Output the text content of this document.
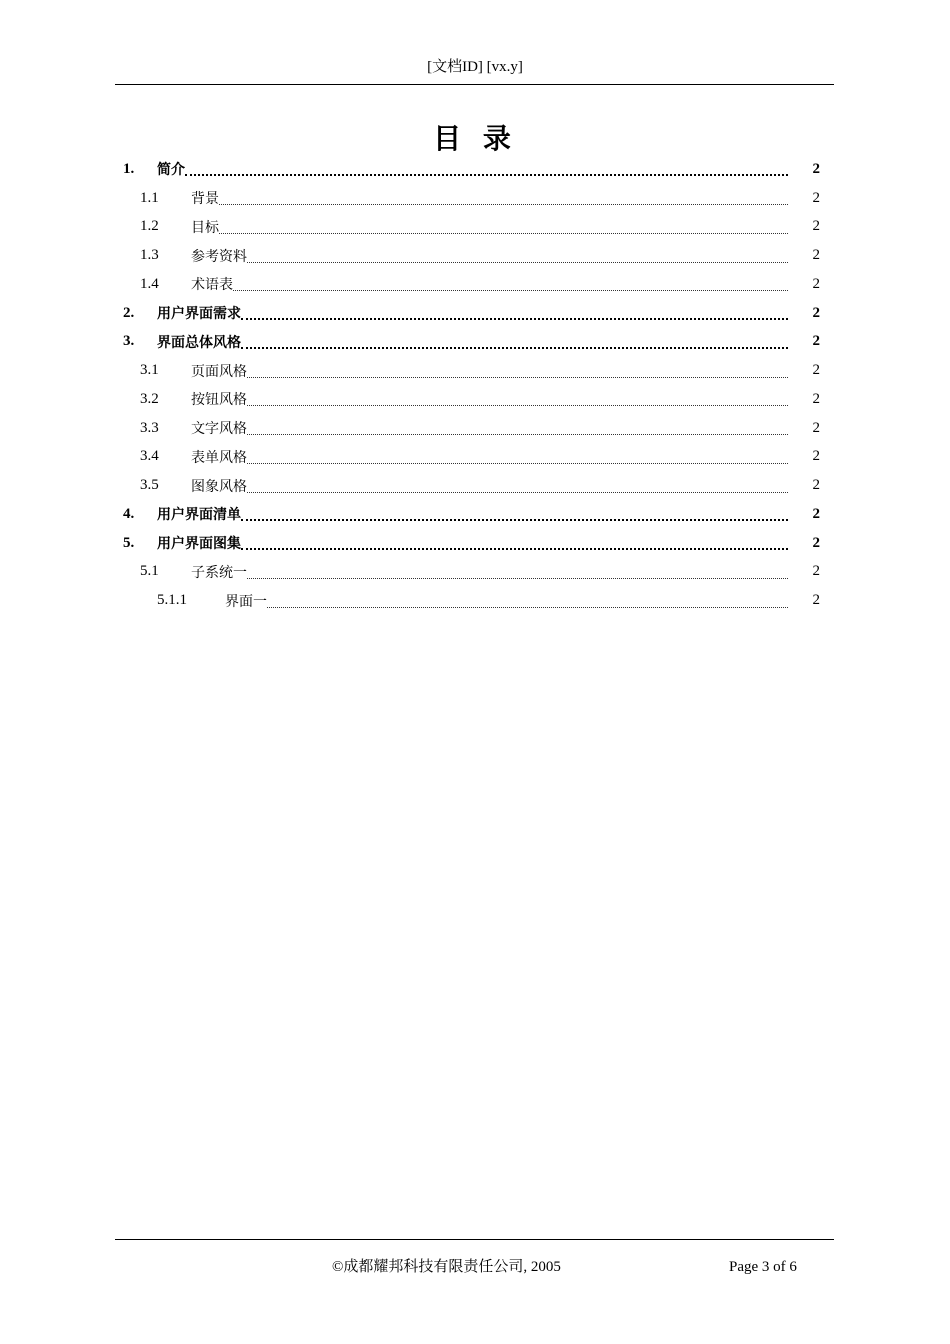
[文档ID] [vx.y]
目 录
1.	简介	2
1.1	背景	2
1.2	目标	2
1.3	参考资料	2
1.4	术语表	2
2.	用户界面需求	2
3.	界面总体风格	2
3.1	页面风格	2
3.2	按钮风格	2
3.3	文字风格	2
3.4	表单风格	2
3.5	图象风格	2
4.	用户界面清单	2
5.	用户界面图集	2
5.1	子系统一	2
5.1.1	界面一	2
©成都耀邦科技有限责任公司, 2005	Page 3 of 6
